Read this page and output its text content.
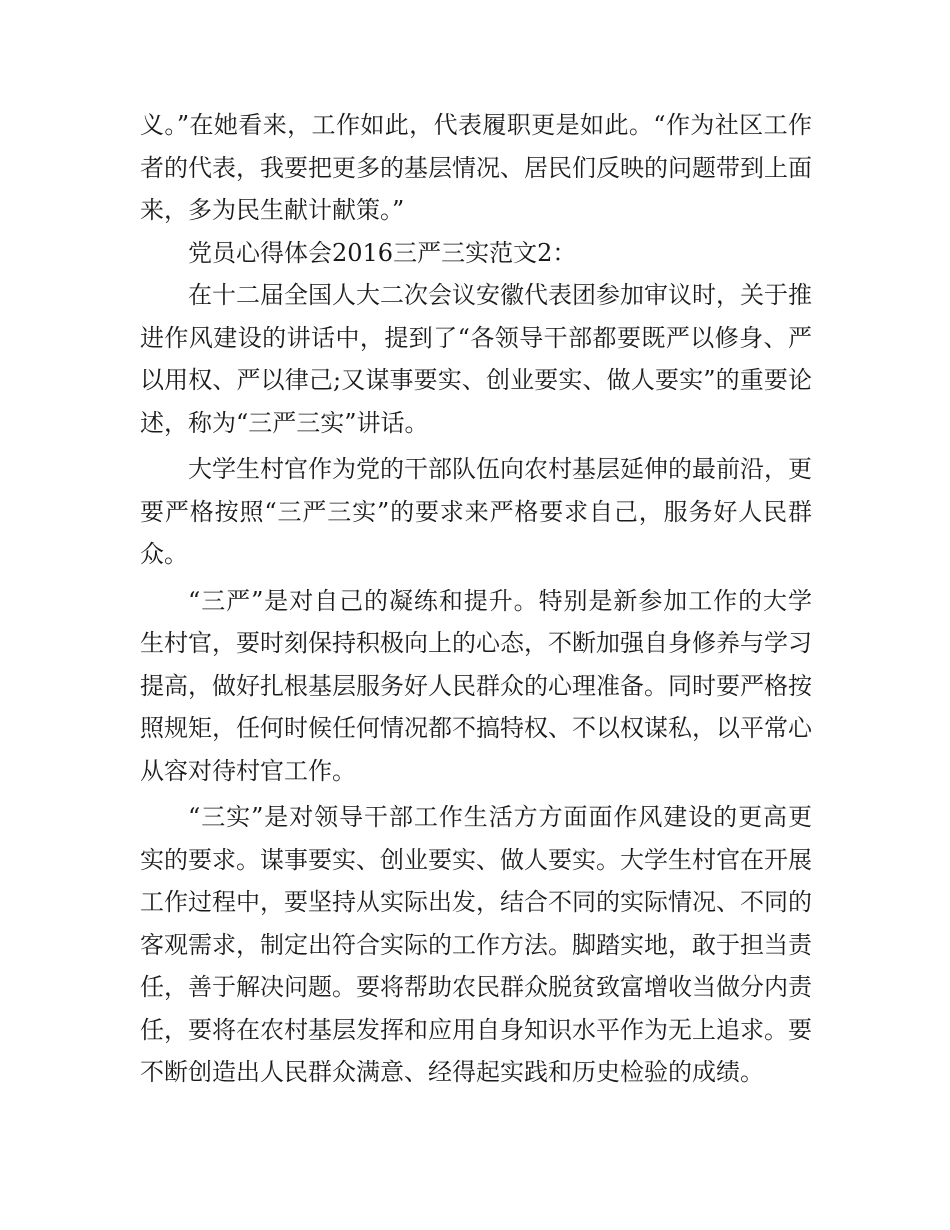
义。”在她看来，工作如此，代表履职更是如此。“作为社区工作者的代表，我要把更多的基层情况、居民们反映的问题带到上面来，多为民生献计献策。”

党员心得体会2016三严三实范文2：

在十二届全国人大二次会议安徽代表团参加审议时，关于推进作风建设的讲话中，提到了“各领导干部都要既严以修身、严以用权、严以律己;又谋事要实、创业要实、做人要实”的重要论述，称为“三严三实”讲话。

大学生村官作为党的干部队伍向农村基层延伸的最前沿，更要严格按照“三严三实”的要求来严格要求自己，服务好人民群众。

“三严”是对自己的凝练和提升。特别是新参加工作的大学生村官，要时刻保持积极向上的心态，不断加强自身修养与学习提高，做好扎根基层服务好人民群众的心理准备。同时要严格按照规矩，任何时候任何情况都不搞特权、不以权谋私，以平常心从容对待村官工作。

“三实”是对领导干部工作生活方方面面作风建设的更高更实的要求。谋事要实、创业要实、做人要实。大学生村官在开展工作过程中，要坚持从实际出发，结合不同的实际情况、不同的客观需求，制定出符合实际的工作方法。脚踏实地，敢于担当责任，善于解决问题。要将帮助农民群众脱贫致富增收当做分内责任，要将在农村基层发挥和应用自身知识水平作为无上追求。要不断创造出人民群众满意、经得起实践和历史检验的成绩。
